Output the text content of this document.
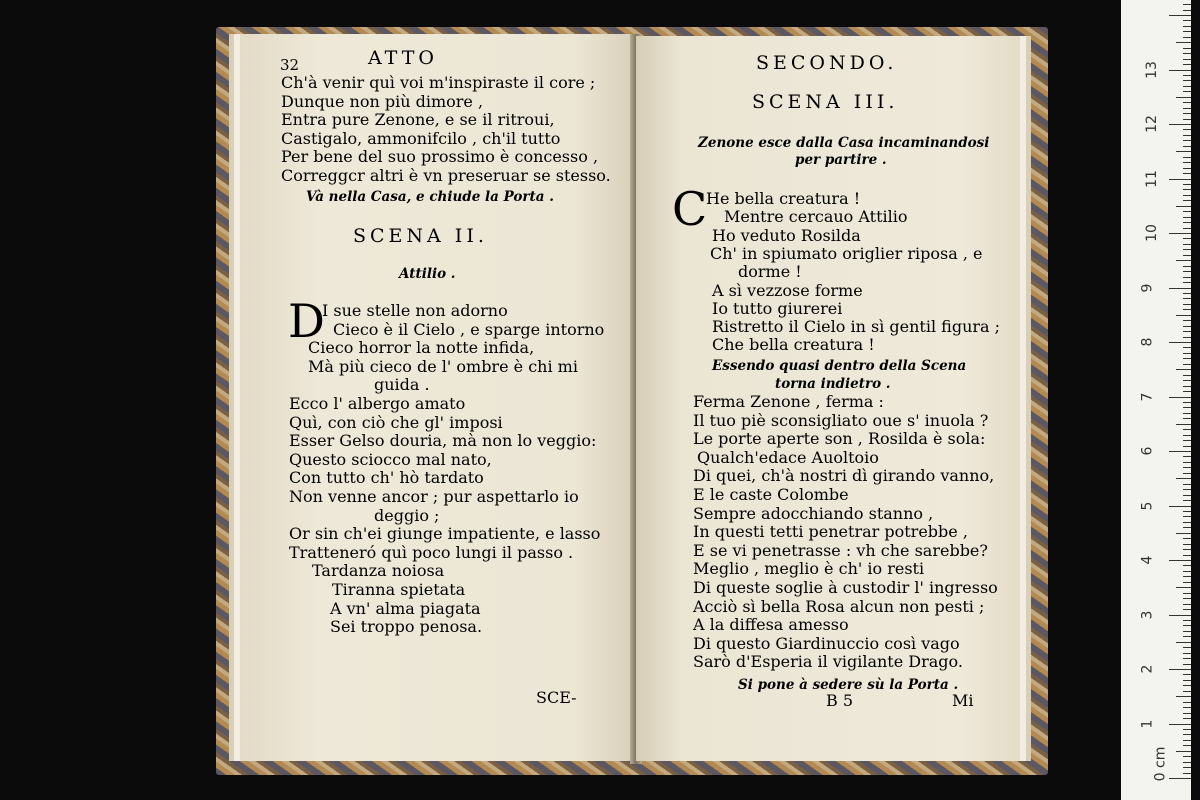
32	ATTO
Ch'à venir quì voi m'inspiraste il core ;
Dunque non più dimore ,
Entra pure Zenone, e se il ritroui,
Castigalo, ammonifcilo , ch'il tutto
Per bene del suo prossimo è concesso ,
Correggcr altri è vn preseruar se stesso.
Và nella Casa, e chiude la Porta .
SCENA II.
Attilio .
D
I sue stelle non adorno
Cieco è il Cielo , e sparge intorno
Cieco horror la notte infida,
Mà più cieco de l' ombre è chi mi
guida .
Ecco l' albergo amato
Quì, con ciò che gl' imposi
Esser Gelso douria, mà non lo veggio:
Questo sciocco mal nato,
Con tutto ch' hò tardato
Non venne ancor ; pur aspettarlo io
deggio ;
Or sin ch'ei giunge impatiente, e lasso
Tratteneró quì poco lungi il passo .
Tardanza noiosa
Tiranna spietata
A vn' alma piagata
Sei troppo penosa.
SCE-
SECONDO.
SCENA III.
Zenone esce dalla Casa incaminandosi
per partire .
C
He bella creatura !
Mentre cercauo Attilio
Ho veduto Rosilda
Ch' in spiumato origlier riposa , e
dorme !
A sì vezzose forme
Io tutto giurerei
Ristretto il Cielo in sì gentil figura ;
Che bella creatura !
Essendo quasi dentro della Scena
torna indietro .
Ferma Zenone , ferma :
Il tuo piè sconsigliato oue s' inuola ?
Le porte aperte son , Rosilda è sola:
Qualch'edace Auoltoio
Di quei, ch'à nostri dì girando vanno,
E le caste Colombe
Sempre adocchiando stanno ,
In questi tetti penetrar potrebbe ,
E se vi penetrasse : vh che sarebbe?
Meglio , meglio è ch' io resti
Di queste soglie à custodir l' ingresso
Acciò sì bella Rosa alcun non pesti ;
A la diffesa amesso
Di questo Giardinuccio così vago
Sarò d'Esperia il vigilante Drago.
Si pone à sedere sù la Porta .
B 5	Mi
13
12
11
10
9
8
7
6
5
4
3
2
1
0 cm
